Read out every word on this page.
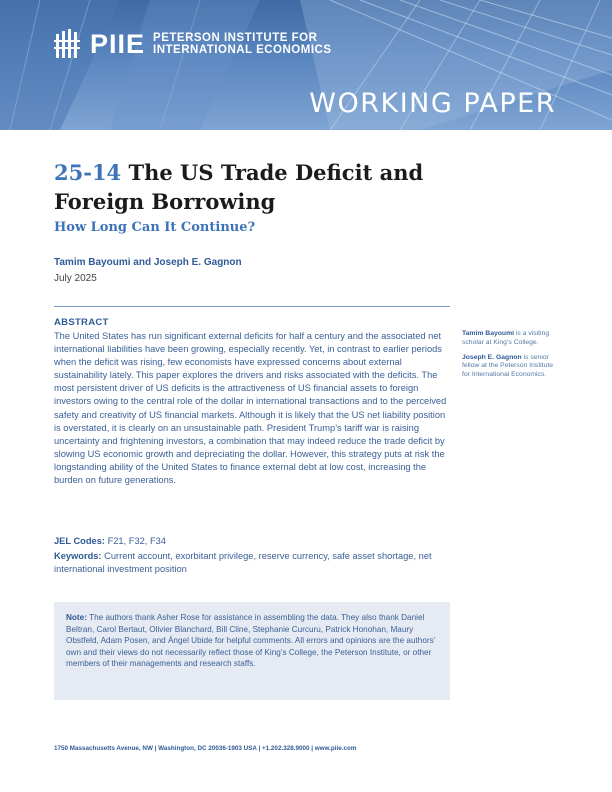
PIIE PETERSON INSTITUTE FOR
INTERNATIONAL ECONOMICS
WORKING PAPER
25-14 The US Trade Deficit and Foreign Borrowing
How Long Can It Continue?
Tamim Bayoumi and Joseph E. Gagnon
July 2025
ABSTRACT

The United States has run significant external deficits for half a century and the associated net international liabilities have been growing, especially recently. Yet, in contrast to earlier periods when the deficit was rising, few economists have expressed concerns about external sustainability lately. This paper explores the drivers and risks associated with the deficits. The most persistent driver of US deficits is the attractiveness of US financial assets to foreign investors owing to the central role of the dollar in international transactions and to the perceived safety and creativity of US financial markets. Although it is likely that the US net liability position is overstated, it is clearly on an unsustainable path. President Trump’s tariff war is raising uncertainty and frightening investors, a combination that may indeed reduce the trade deficit by slowing US economic growth and depreciating the dollar. However, this strategy puts at risk the longstanding ability of the United States to finance external debt at low cost, increasing the burden on future generations.

JEL Codes: F21, F32, F34

Keywords: Current account, exorbitant privilege, reserve currency, safe asset shortage, net international investment position

Tamim Bayoumi is a visiting scholar at King’s College.

Joseph E. Gagnon is senior fellow at the Peterson Institute for International Economics.

Note: The authors thank Asher Rose for assistance in assembling the data. They also thank Daniel Beltran, Carol Bertaut, Olivier Blanchard, Bill Cline, Stephanie Curcuru, Patrick Honohan, Maury Obstfeld, Adam Posen, and Ángel Ubide for helpful comments. All errors and opinions are the authors’ own and their views do not necessarily reflect those of King’s College, the Peterson Institute, or other members of their managements and research staffs.
1750 Massachusetts Avenue, NW | Washington, DC 20036-1903 USA | +1.202.328.9000 | www.piie.com
